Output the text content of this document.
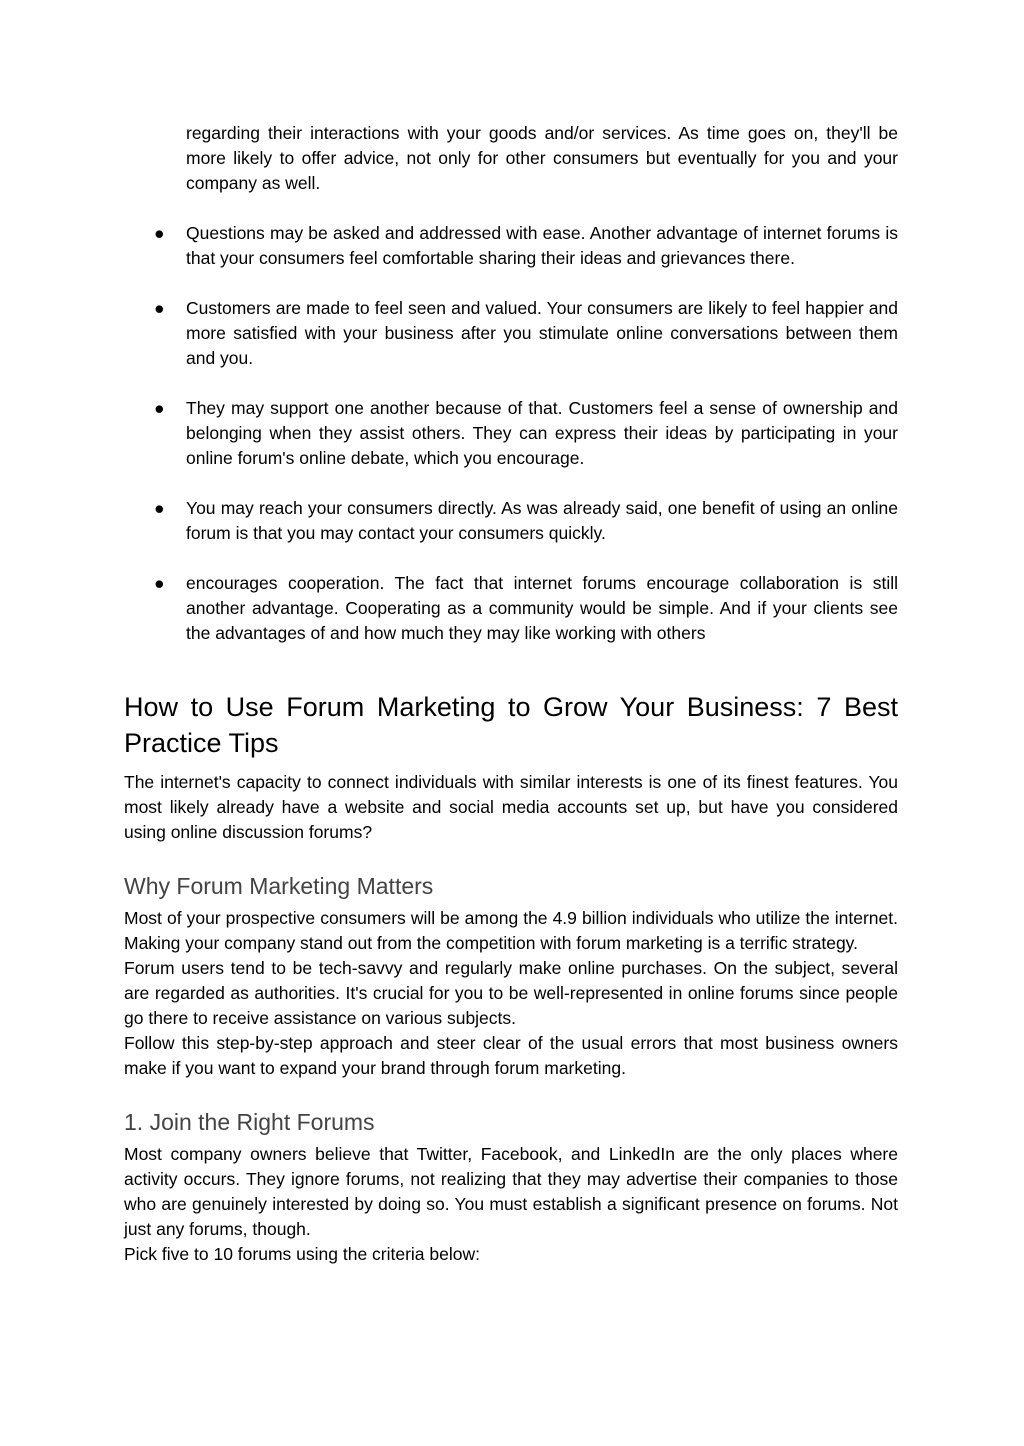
regarding their interactions with your goods and/or services. As time goes on, they'll be more likely to offer advice, not only for other consumers but eventually for you and your company as well.

● Questions may be asked and addressed with ease. Another advantage of internet forums is that your consumers feel comfortable sharing their ideas and grievances there.

● Customers are made to feel seen and valued. Your consumers are likely to feel happier and more satisfied with your business after you stimulate online conversations between them and you.

● They may support one another because of that. Customers feel a sense of ownership and belonging when they assist others. They can express their ideas by participating in your online forum's online debate, which you encourage.

● You may reach your consumers directly. As was already said, one benefit of using an online forum is that you may contact your consumers quickly.

● encourages cooperation. The fact that internet forums encourage collaboration is still another advantage. Cooperating as a community would be simple. And if your clients see the advantages of and how much they may like working with others

How to Use Forum Marketing to Grow Your Business: 7 Best Practice Tips

The internet's capacity to connect individuals with similar interests is one of its finest features. You most likely already have a website and social media accounts set up, but have you considered using online discussion forums?

Why Forum Marketing Matters

Most of your prospective consumers will be among the 4.9 billion individuals who utilize the internet. Making your company stand out from the competition with forum marketing is a terrific strategy.

Forum users tend to be tech-savvy and regularly make online purchases. On the subject, several are regarded as authorities. It's crucial for you to be well-represented in online forums since people go there to receive assistance on various subjects.

Follow this step-by-step approach and steer clear of the usual errors that most business owners make if you want to expand your brand through forum marketing.

1. Join the Right Forums

Most company owners believe that Twitter, Facebook, and LinkedIn are the only places where activity occurs. They ignore forums, not realizing that they may advertise their companies to those who are genuinely interested by doing so. You must establish a significant presence on forums. Not just any forums, though.

Pick five to 10 forums using the criteria below:
